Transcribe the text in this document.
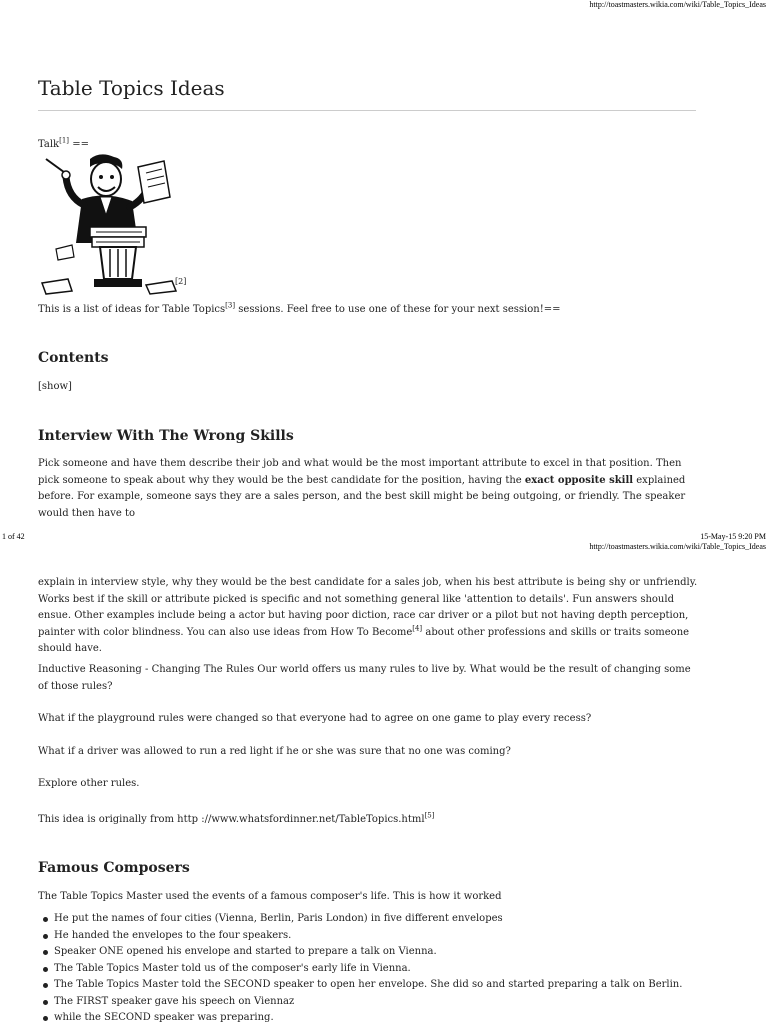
http://toastmasters.wikia.com/wiki/Table_Topics_Ideas
Table Topics Ideas

Talk[1] ==

[2]

This is a list of ideas for Table Topics[3] sessions. Feel free to use one of these for your next session!==

Contents

[show]

Interview With The Wrong Skills

Pick someone and have them describe their job and what would be the most important attribute to excel in that position. Then pick someone to speak about why they would be the best candidate for the position, having the exact opposite skill explained before. For example, someone says they are a sales person, and the best skill might be being outgoing, or friendly. The speaker would then have to

1 of 42	15-May-15 9:20 PM
http://toastmasters.wikia.com/wiki/Table_Topics_Ideas

explain in interview style, why they would be the best candidate for a sales job, when his best attribute is being shy or unfriendly. Works best if the skill or attribute picked is specific and not something general like 'attention to details'. Fun answers should ensue. Other examples include being a actor but having poor diction, race car driver or a pilot but not having depth perception, painter with color blindness. You can also use ideas from How To Become[4] about other professions and skills or traits someone should have.

Inductive Reasoning - Changing The Rules Our world offers us many rules to live by. What would be the result of changing some of those rules?

What if the playground rules were changed so that everyone had to agree on one game to play every recess?

What if a driver was allowed to run a red light if he or she was sure that no one was coming?

Explore other rules.

This idea is originally from http ://www.whatsfordinner.net/TableTopics.html[5]

Famous Composers

The Table Topics Master used the events of a famous composer's life. This is how it worked

He put the names of four cities (Vienna, Berlin, Paris London) in five different envelopes
He handed the envelopes to the four speakers.
Speaker ONE opened his envelope and started to prepare a talk on Vienna.
The Table Topics Master told us of the composer's early life in Vienna.
The Table Topics Master told the SECOND speaker to open her envelope. She did so and started preparing a talk on Berlin.
The FIRST speaker gave his speech on Viennaz
while the SECOND speaker was preparing.
